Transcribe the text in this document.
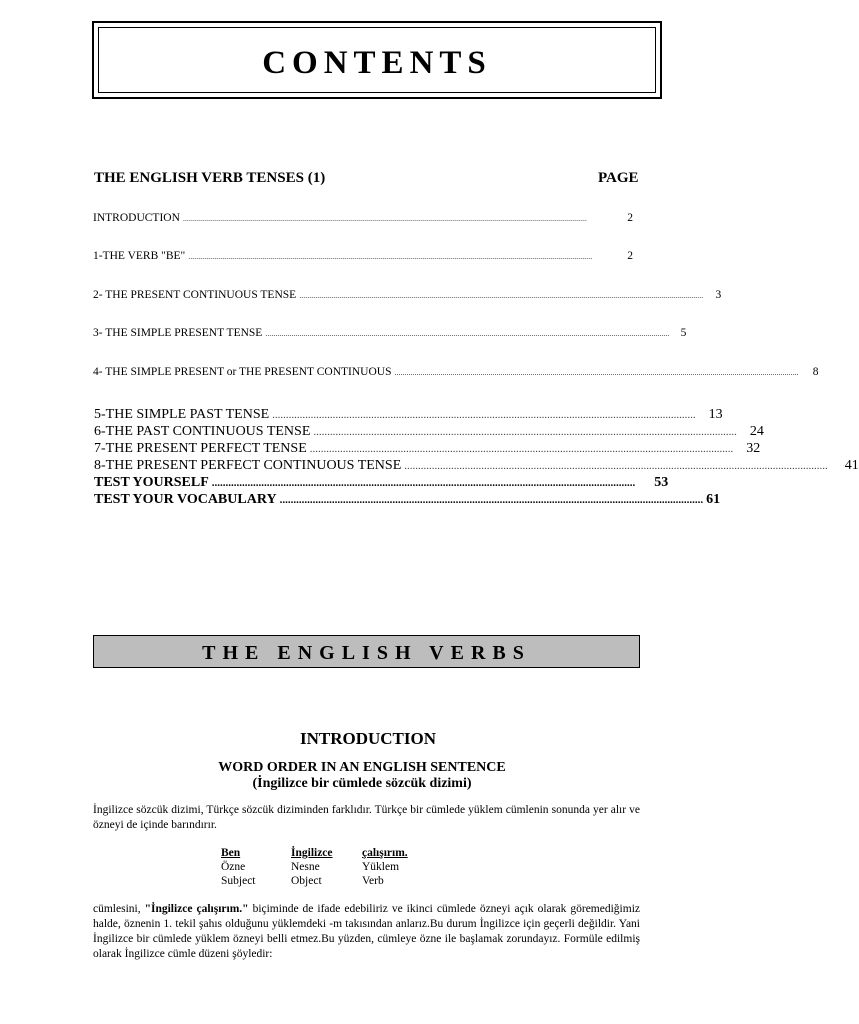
CONTENTS
THE ENGLISH VERB TENSES (1)	PAGE
INTRODUCTION ..........................................................................................................................................................................................................	2
1-THE VERB "BE" ..........................................................................................................................................................................................................	2
2- THE PRESENT CONTINUOUS TENSE ..........................................................................................................................................................................................................	3
3- THE SIMPLE PRESENT TENSE .......................................................................................................................................................................................................... 5
4- THE SIMPLE PRESENT or THE PRESENT CONTINUOUS ..........................................................................................................................................................................................................	8
5-THE SIMPLE PAST TENSE .......................................................................................................................................................... 13
6-THE PAST CONTINUOUS TENSE .......................................................................................................................................................... 24
7-THE PRESENT PERFECT TENSE .......................................................................................................................................................... 32
8-THE PRESENT PERFECT CONTINUOUS TENSE ..........................................................................................................................................................	41
TEST YOURSELF ..........................................................................................................................................................	53
TEST YOUR VOCABULARY .......................................................................................................................................................... 61
THE ENGLISH VERBS
INTRODUCTION
WORD ORDER IN AN ENGLISH SENTENCE
(İngilizce bir cümlede sözcük dizimi)
İngilizce sözcük dizimi, Türkçe sözcük diziminden farklıdır. Türkçe bir cümlede yüklem cümlenin sonunda yer alır ve özneyi de içinde barındırır.
Ben	İngilizce	çalışırım.
Özne	Nesne	Yüklem
Subject	Object	Verb
cümlesini, "İngilizce çalışırım." biçiminde de ifade edebiliriz ve ikinci cümlede özneyi açık olarak göremediğimiz halde, öznenin 1. tekil şahıs olduğunu yüklemdeki -m takısından anlarız.Bu durum İngilizce için geçerli değildir. Yani İngilizce bir cümlede yüklem özneyi belli etmez.Bu yüzden, cümleye özne ile başlamak zorundayız. Formüle edilmiş olarak İngilizce cümle düzeni şöyledir:
